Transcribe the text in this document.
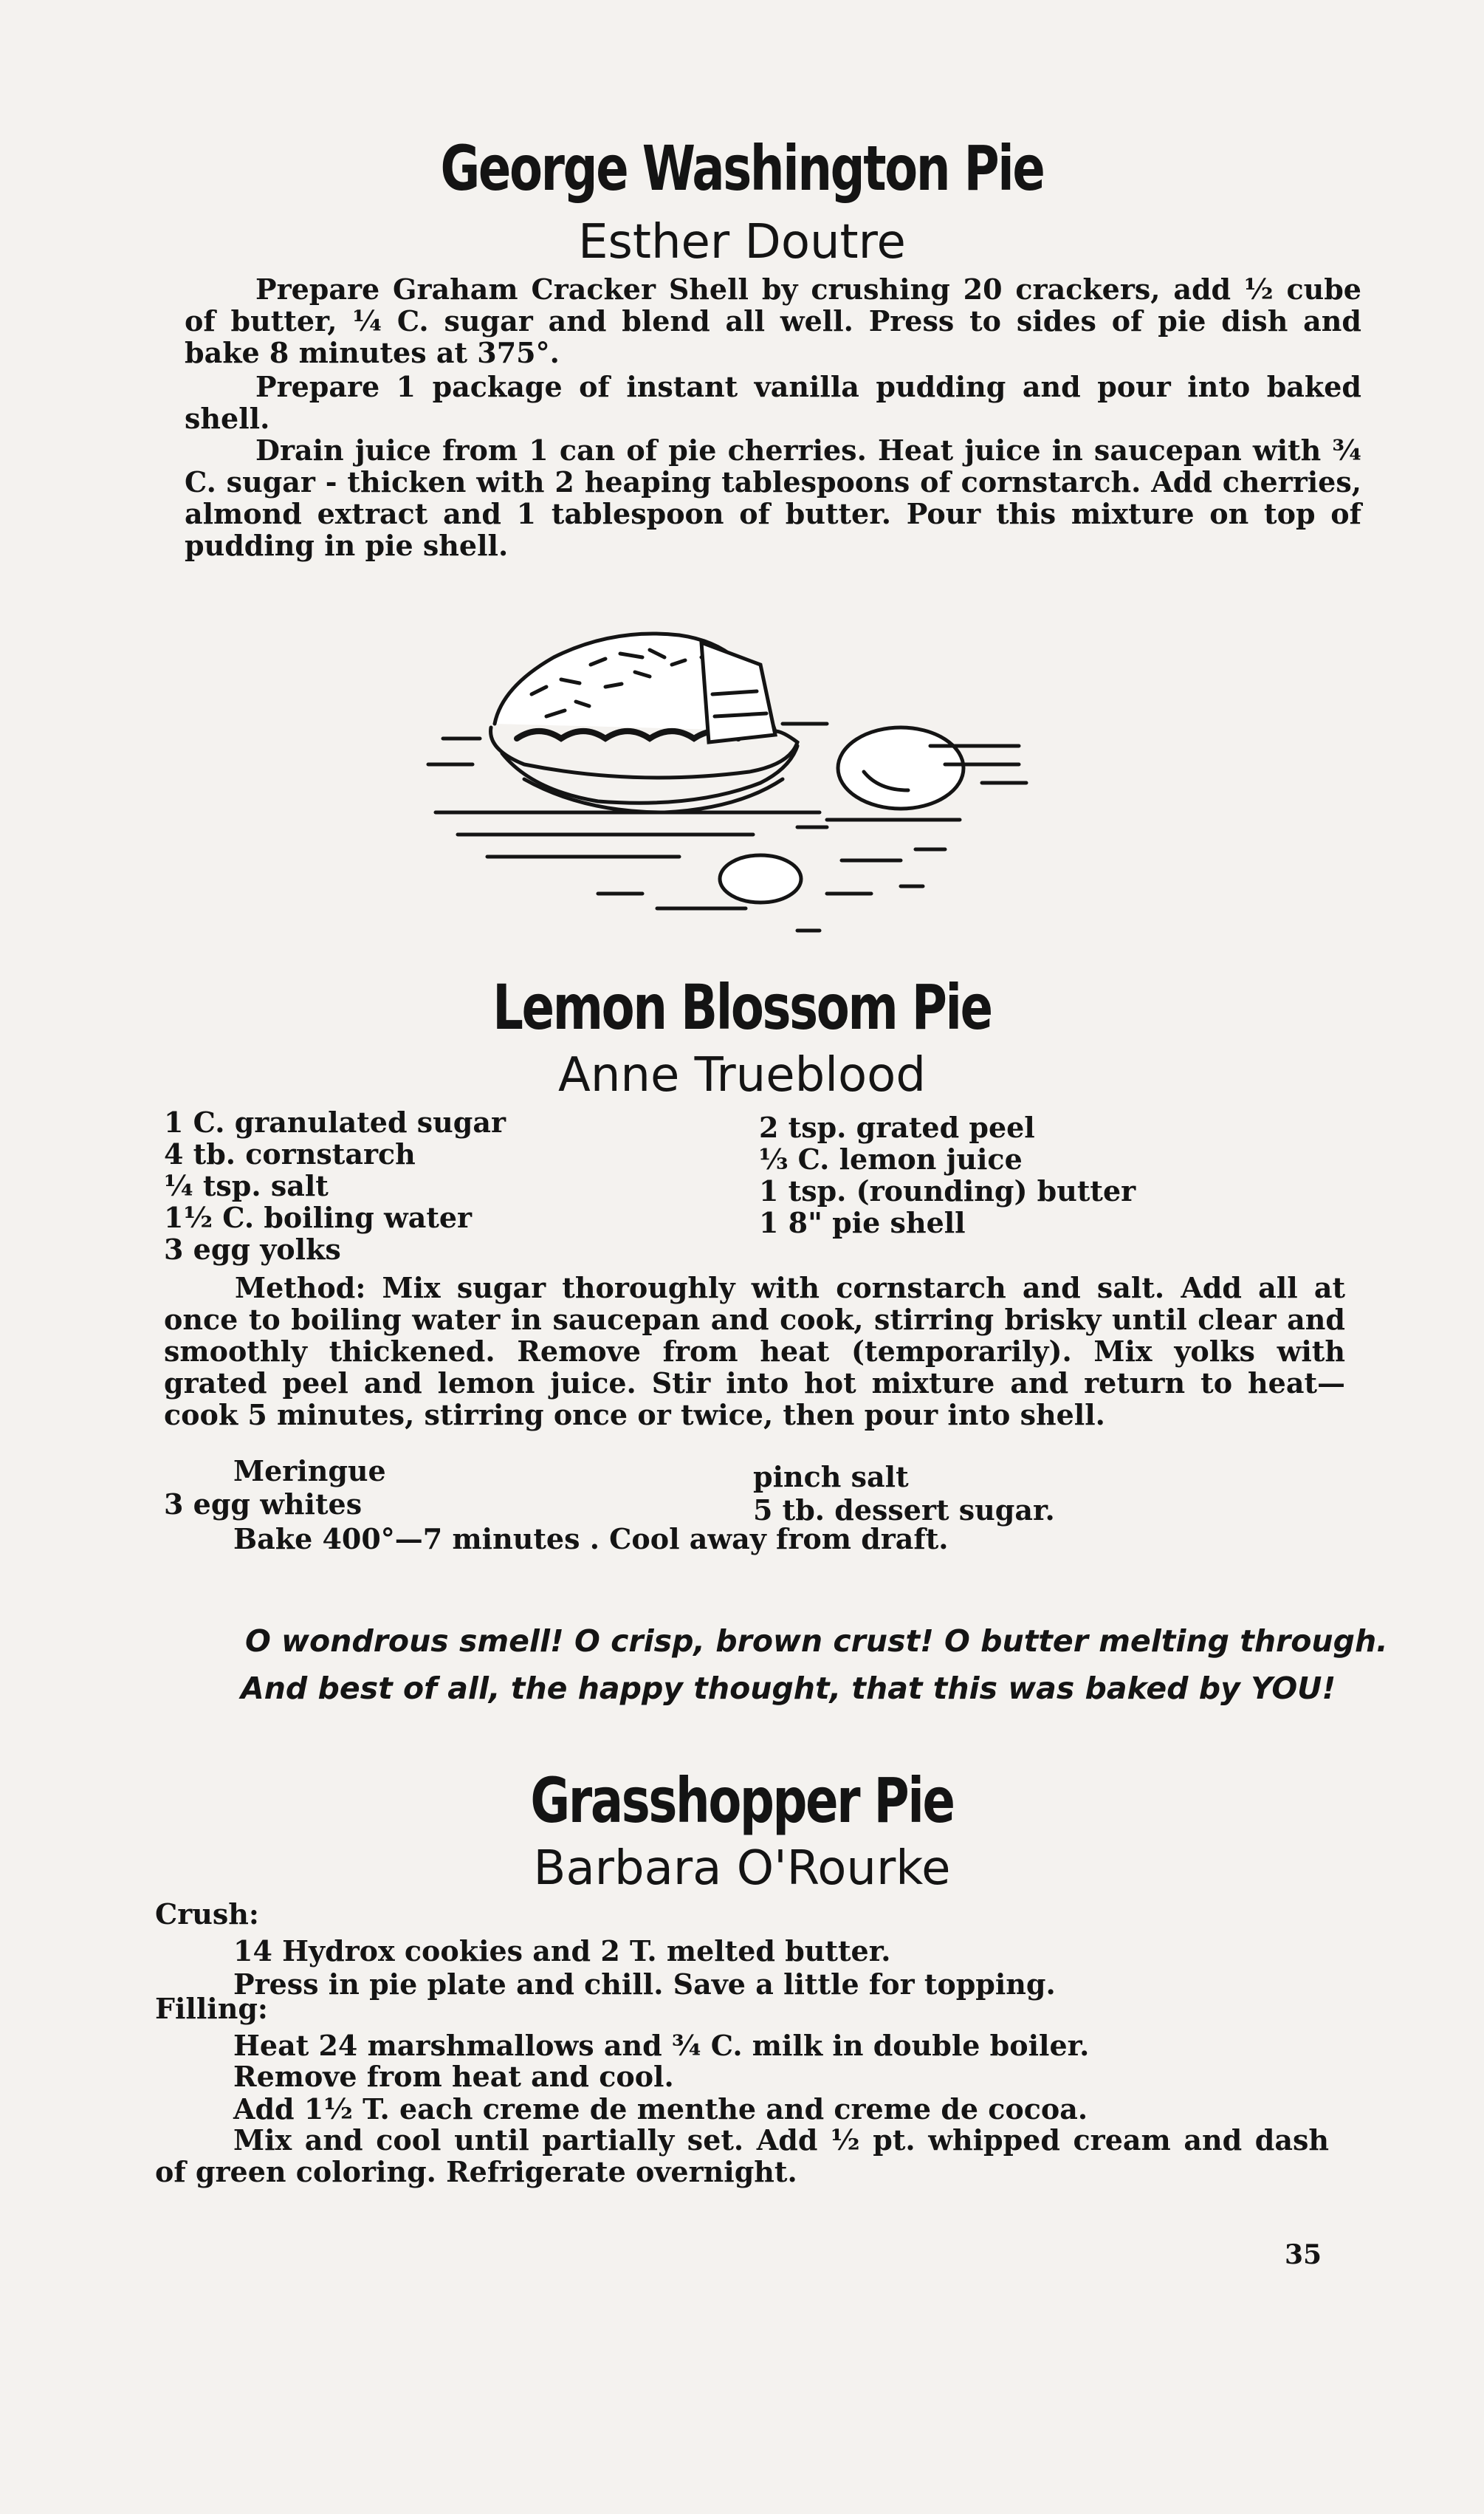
George Washington Pie
Esther Doutre

Prepare Graham Cracker Shell by crushing 20 crackers, add ½ cube of butter, ¼ C. sugar and blend all well. Press to sides of pie dish and bake 8 minutes at 375°.

Prepare 1 package of instant vanilla pudding and pour into baked shell.

Drain juice from 1 can of pie cherries. Heat juice in saucepan with ¾ C. sugar - thicken with 2 heaping tablespoons of cornstarch. Add cherries, almond extract and 1 tablespoon of butter. Pour this mixture on top of pudding in pie shell.

Lemon Blossom Pie
Anne Trueblood
1 C. granulated sugar
4 tb. cornstarch
¼ tsp. salt
1½ C. boiling water
3 egg yolks
2 tsp. grated peel
⅓ C. lemon juice
1 tsp. (rounding) butter
1 8" pie shell

Method: Mix sugar thoroughly with cornstarch and salt. Add all at once to boiling water in saucepan and cook, stirring brisky until clear and smoothly thickened. Remove from heat (temporarily). Mix yolks with grated peel and lemon juice. Stir into hot mixture and return to heat—cook 5 minutes, stirring once or twice, then pour into shell.

Meringue
3 egg whites
pinch salt
5 tb. dessert sugar.
Bake 400°—7 minutes . Cool away from draft.

O wondrous smell! O crisp, brown crust! O butter melting through.

And best of all, the happy thought, that this was baked by YOU!

Grasshopper Pie
Barbara O'Rourke
Crush:
14 Hydrox cookies and 2 T. melted butter.
Press in pie plate and chill. Save a little for topping.
Filling:
Heat 24 marshmallows and ¾ C. milk in double boiler.
Remove from heat and cool.
Add 1½ T. each creme de menthe and creme de cocoa.

Mix and cool until partially set. Add ½ pt. whipped cream and dash of green coloring. Refrigerate overnight.

35
